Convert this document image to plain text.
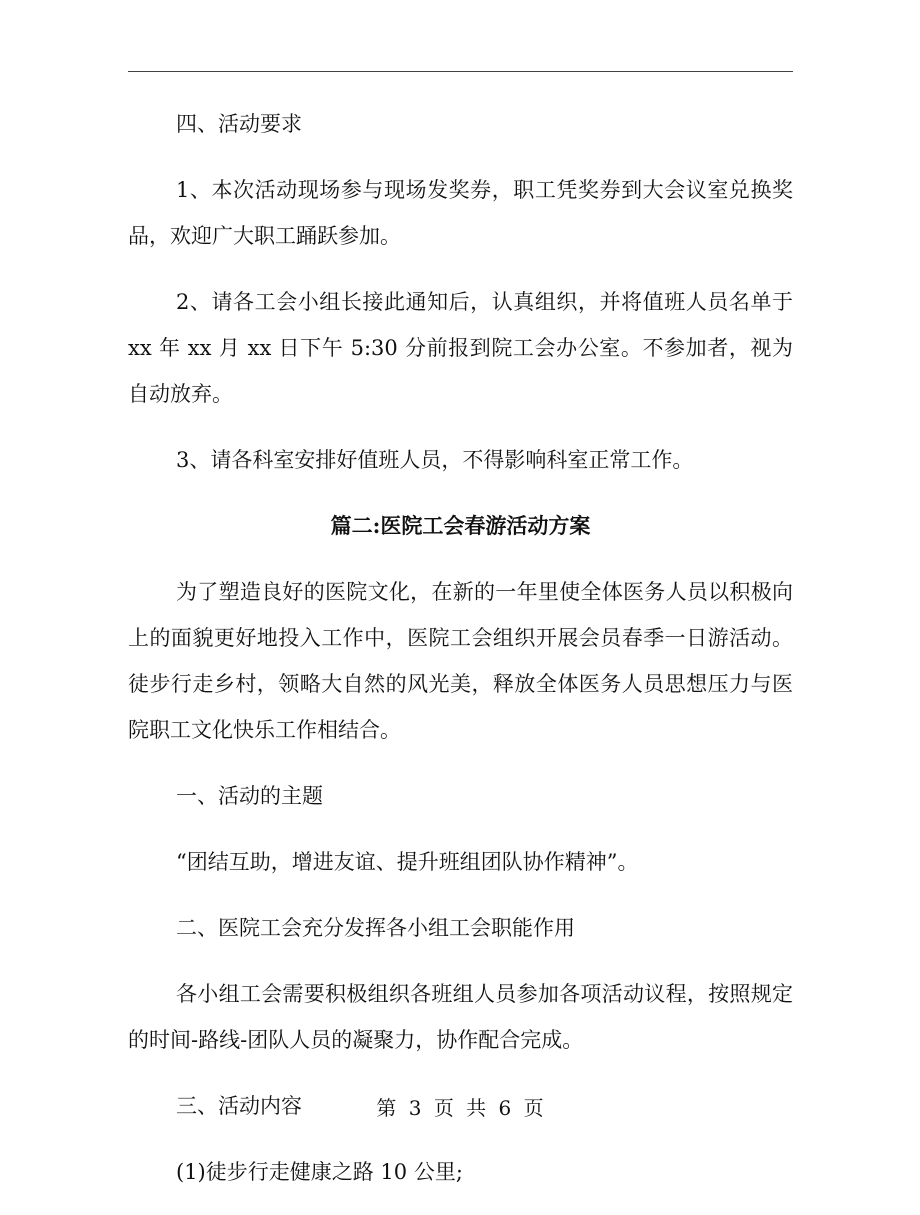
四、活动要求

1、本次活动现场参与现场发奖券，职工凭奖券到大会议室兑换奖品，欢迎广大职工踊跃参加。

2、请各工会小组长接此通知后，认真组织，并将值班人员名单于 xx 年 xx 月 xx 日下午 5:30 分前报到院工会办公室。不参加者，视为自动放弃。

3、请各科室安排好值班人员，不得影响科室正常工作。

篇二:医院工会春游活动方案

为了塑造良好的医院文化，在新的一年里使全体医务人员以积极向上的面貌更好地投入工作中，医院工会组织开展会员春季一日游活动。徒步行走乡村，领略大自然的风光美，释放全体医务人员思想压力与医院职工文化快乐工作相结合。

一、活动的主题

“团结互助，增进友谊、提升班组团队协作精神”。

二、医院工会充分发挥各小组工会职能作用

各小组工会需要积极组织各班组人员参加各项活动议程，按照规定的时间-路线-团队人员的凝聚力，协作配合完成。

三、活动内容

(1)徒步行走健康之路 10 公里;

第 3 页 共 6 页
